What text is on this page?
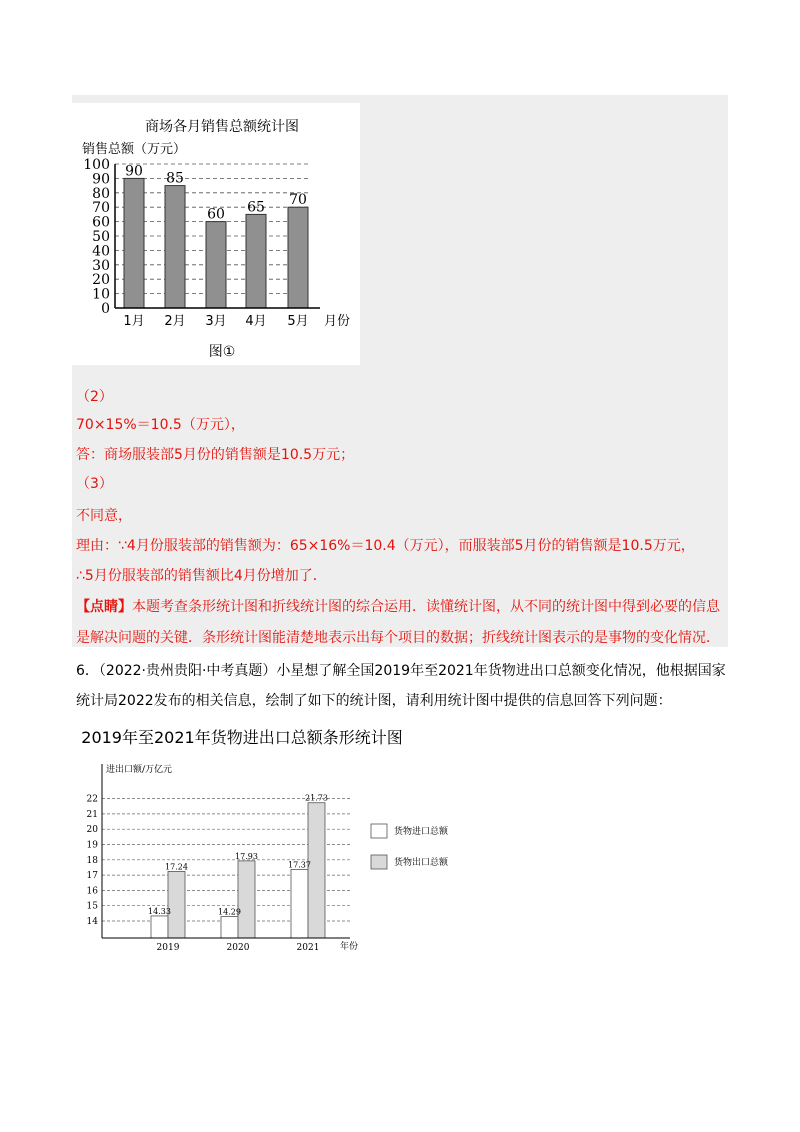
商场各月销售总额统计图
销售总额（万元）
0
10
20
30
40
50
60
70
80
90
100
1月 2月 3月 4月 5月
90 85
60 65 70
月份
图①
（2）
70×15%＝10.5（万元），
答：商场服装部5月份的销售额是10.5万元；
（3）
不同意，
理由：∵4月份服装部的销售额为：65×16%＝10.4（万元），而服装部5月份的销售额是10.5万元，
∴5月份服装部的销售额比4月份增加了．
【点睛】本题考查条形统计图和折线统计图的综合运用．读懂统计图，从不同的统计图中得到必要的信息
是解决问题的关键．条形统计图能清楚地表示出每个项目的数据；折线统计图表示的是事物的变化情况．
6．（2022·贵州贵阳·中考真题）小星想了解全国2019年至2021年货物进出口总额变化情况，他根据国家
统计局2022发布的相关信息，绘制了如下的统计图，请利用统计图中提供的信息回答下列问题：
2019年至2021年货物进出口总额条形统计图
进出口额/万亿元
14
15
16
17
18
19
20
21
22
2019	2020	2021
14.33
17.24
14.29
17.93
17.37
21.73
年份
货物进口总额
货物出口总额
